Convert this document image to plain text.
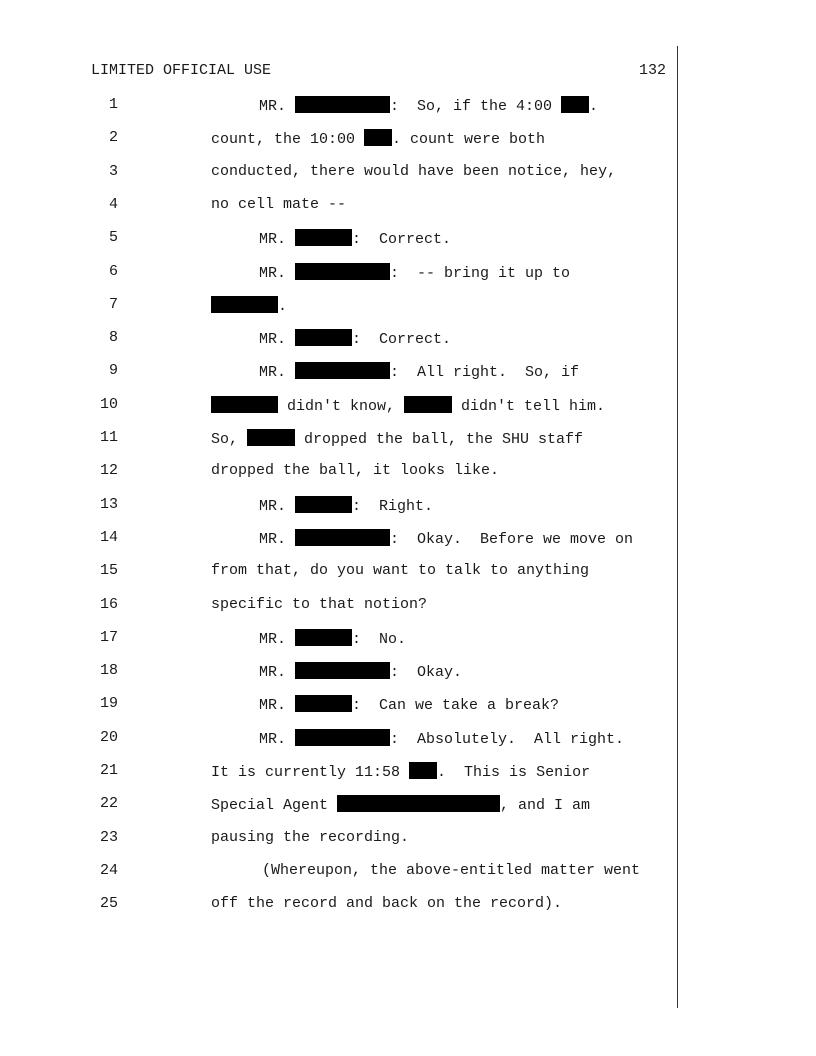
LIMITED OFFICIAL USE	132
1	MR.	:  So, if the 4:00 .
2	count, the 10:00 . count were both
3	conducted, there would have been notice, hey,
4	no cell mate --
5	MR.	:  Correct.
6	MR.	:  -- bring it up to
7	.
8	MR.	:  Correct.
9	MR.	:  All right.  So, if
10	didn't know,	didn't tell him.
11	So,	dropped the ball, the SHU staff
12	dropped the ball, it looks like.
13	MR.	:  Right.
14	MR.	:  Okay.  Before we move on
15	from that, do you want to talk to anything
16	specific to that notion?
17	MR.	:  No.
18	MR.	:  Okay.
19	MR.	:  Can we take a break?
20	MR.	:  Absolutely.  All right.
21	It is currently 11:58 .  This is Senior
22	Special Agent	, and I am
23	pausing the recording.
24	(Whereupon, the above-entitled matter went
25	off the record and back on the record).
